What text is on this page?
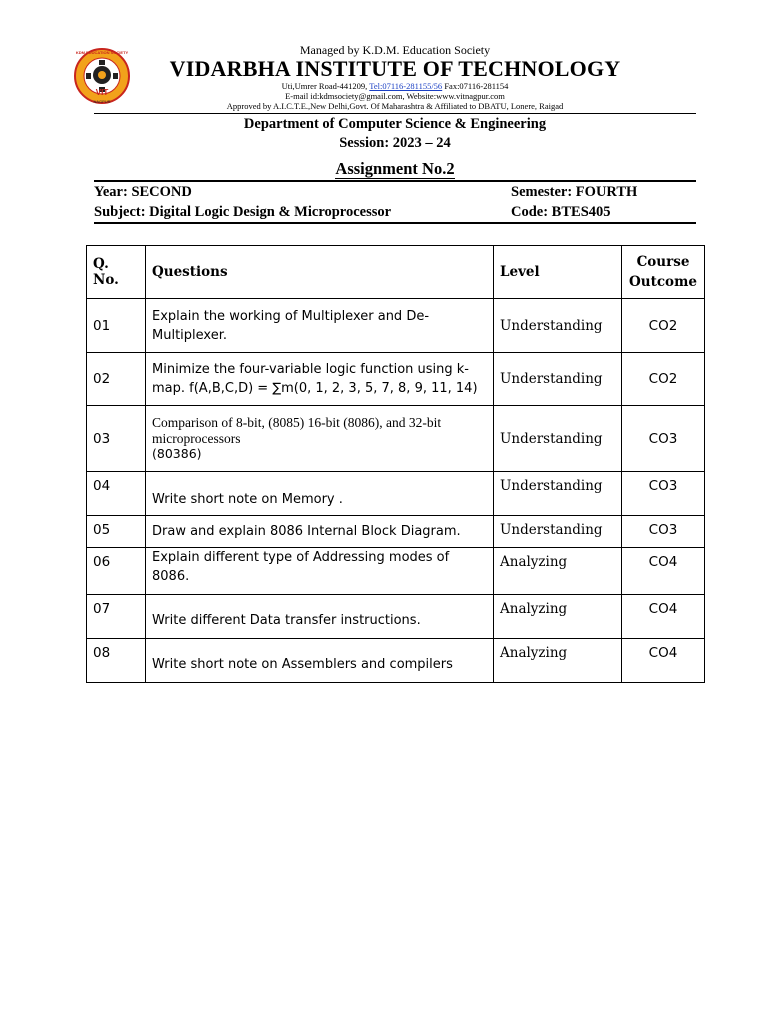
VIT
NAGPUR
KDM EDUCATION SOCIETY	Managed by K.D.M. Education Society
VIDARBHA INSTITUTE OF TECHNOLOGY
Uti,Umrer Road-441209, Tel:07116-281155/56 Fax:07116-281154
E-mail id:kdmsociety@gmail.com, Website:www.vitnagpur.com
Approved by A.I.C.T.E.,New Delhi,Govt. Of Maharashtra & Affiliated to DBATU, Lonere, Raigad
Department of Computer Science & Engineering
Session: 2023 – 24
Assignment No.2
Year: SECOND	Semester: FOURTH
Subject: Digital Logic Design & Microprocessor	Code: BTES405
Q. No.	Questions	Level	Course
Outcome

01	Explain the working of Multiplexer and De-
Multiplexer.	Understanding	CO2
02	Minimize the four-variable logic function using k-
map. f(A,B,C,D) = ∑m(0, 1, 2, 3, 5, 7, 8, 9, 11, 14)	Understanding	CO2
03	Comparison of 8-bit, (8085) 16-bit (8086), and 32-bit
microprocessors
(80386)	Understanding	CO3
04	Write short note on Memory .	Understanding	CO3
05	Draw and explain 8086 Internal Block Diagram.	Understanding	CO3
06	Explain different type of Addressing modes of 8086.	Analyzing	CO4
07	Write different Data transfer instructions.	Analyzing	CO4
08	Write short note on Assemblers and compilers	Analyzing	CO4
